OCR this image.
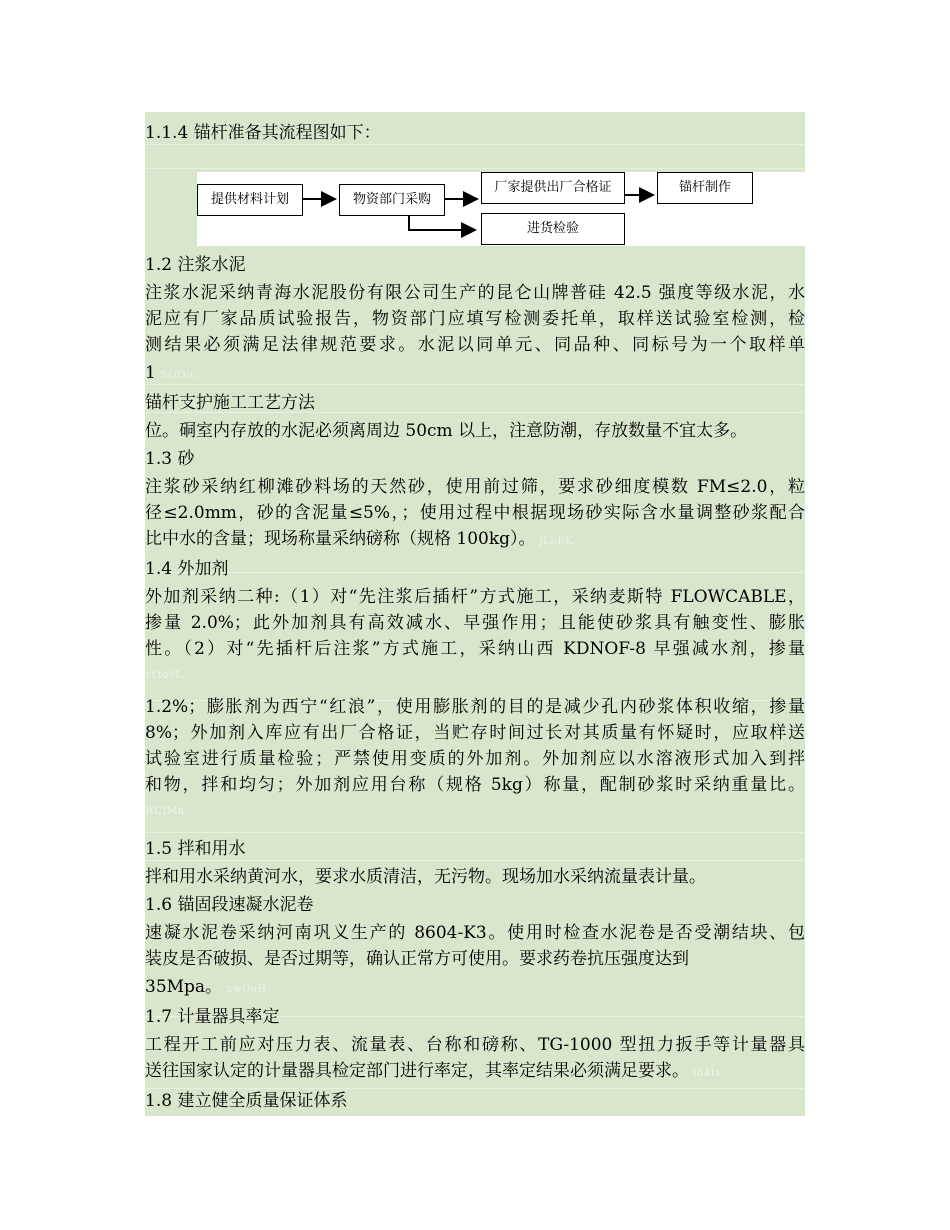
1.1.4 锚杆准备其流程图如下：
提供材料计划	物资部门采购
厂家提供出厂合格证	锚杆制作
进货检验
1.2 注浆水泥
注浆水泥采纳青海水泥股份有限公司生产的昆仑山牌普硅 42.5 强度等级水泥，水
泥应有厂家品质试验报告，物资部门应填写检测委托单，取样送试验室检测，检
测结果必须满足法律规范要求。水泥以同单元、同品种、同标号为一个取样单
1 SxfOo。
锚杆支护施工工艺方法
位。硐室内存放的水泥必须离周边 50cm 以上，注意防潮，存放数量不宜太多。
1.3 砂
注浆砂采纳红柳滩砂料场的天然砂，使用前过筛，要求砂细度模数 FM≤2.0，粒
径≤2.0mm，砂的含泥量≤5%，；使用过程中根据现场砂实际含水量调整砂浆配合
比中水的含量；现场称量采纳磅称（规格 100kg）。 jLbBK。
1.4 外加剂
外加剂采纳二种:（1）对“先注浆后插杆”方式施工，采纳麦斯特 FLOWCABLE，
掺量 2.0%；此外加剂具有高效减水、早强作用；且能使砂浆具有触变性、膨胀
性。（2）对“先插杆后注浆”方式施工，采纳山西 KDNOF-8 早强减水剂，掺量
zYtoM。
1.2%；膨胀剂为西宁“红浪”，使用膨胀剂的目的是减少孔内砂浆体积收缩，掺量
8%；外加剂入库应有出厂合格证，当贮存时间过长对其质量有怀疑时，应取样送
试验室进行质量检验；严禁使用变质的外加剂。外加剂应以水溶液形式加入到拌
和物，拌和均匀；外加剂应用台称（规格 5kg）称量，配制砂浆时采纳重量比。
HCIMn。
1.5 拌和用水
拌和用水采纳黄河水，要求水质清洁，无污物。现场加水采纳流量表计量。
1.6 锚固段速凝水泥卷
速凝水泥卷采纳河南巩义生产的 8604-K3。使用时检查水泥卷是否受潮结块、包
装皮是否破损、是否过期等，确认正常方可使用。要求药卷抗压强度达到
35Mpa。 nwOoH。
1.7 计量器具率定
工程开工前应对压力表、流量表、台称和磅称、TG-1000 型扭力扳手等计量器具
送往国家认定的计量器具检定部门进行率定，其率定结果必须满足要求。 lb4Ix。
1.8 建立健全质量保证体系
